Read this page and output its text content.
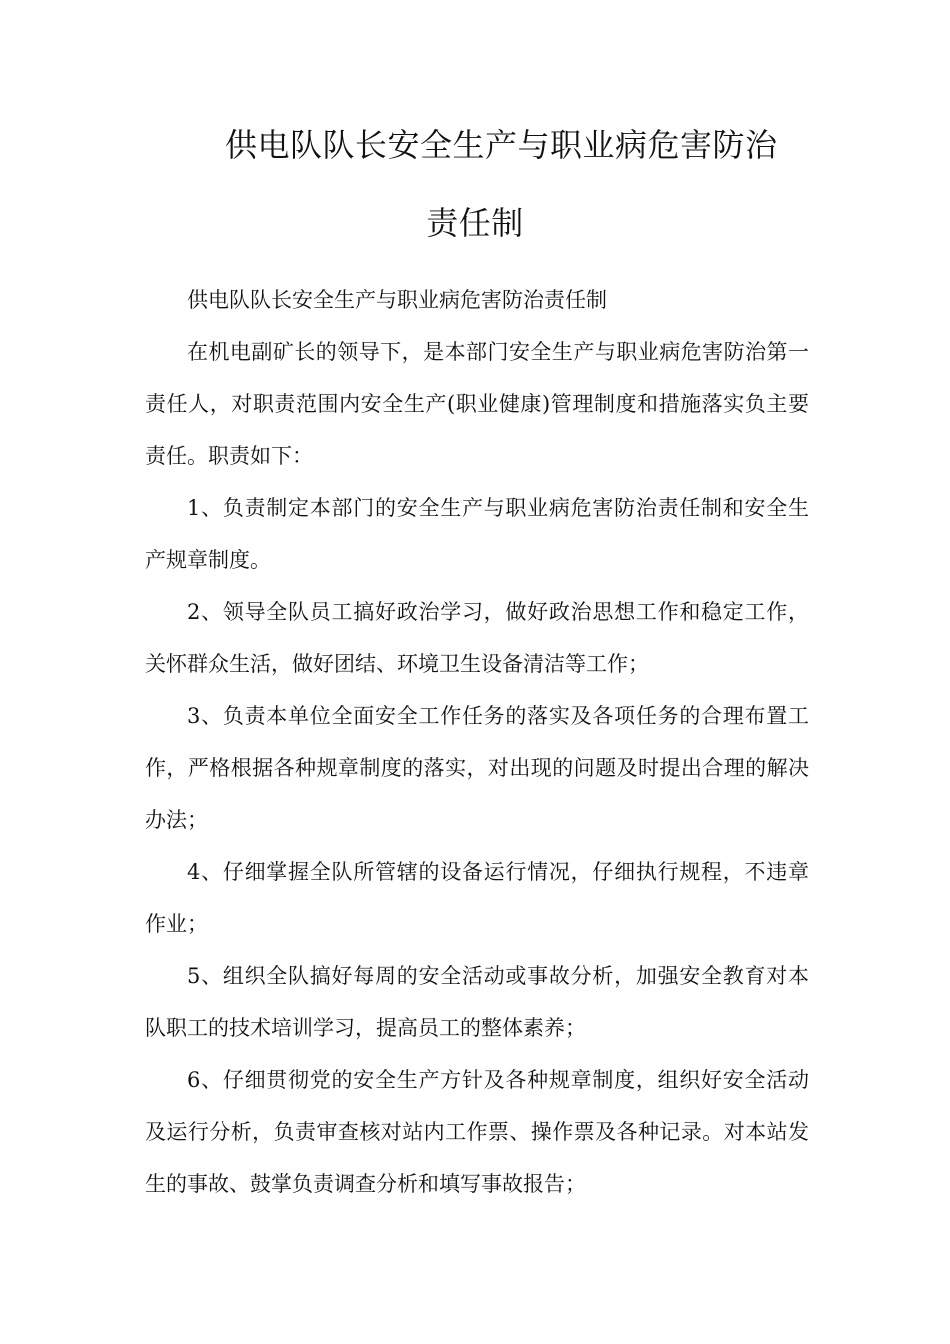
供电队队长安全生产与职业病危害防治
责任制

供电队队长安全生产与职业病危害防治责任制

在机电副矿长的领导下，是本部门安全生产与职业病危害防治第一责任人，对职责范围内安全生产(职业健康)管理制度和措施落实负主要责任。职责如下：

1、负责制定本部门的安全生产与职业病危害防治责任制和安全生产规章制度。

2、领导全队员工搞好政治学习，做好政治思想工作和稳定工作，关怀群众生活，做好团结、环境卫生设备清洁等工作；

3、负责本单位全面安全工作任务的落实及各项任务的合理布置工作，严格根据各种规章制度的落实，对出现的问题及时提出合理的解决办法；

4、仔细掌握全队所管辖的设备运行情况，仔细执行规程，不违章作业；

5、组织全队搞好每周的安全活动或事故分析，加强安全教育对本队职工的技术培训学习，提高员工的整体素养；

6、仔细贯彻党的安全生产方针及各种规章制度，组织好安全活动及运行分析，负责审查核对站内工作票、操作票及各种记录。对本站发生的事故、鼓掌负责调查分析和填写事故报告；
